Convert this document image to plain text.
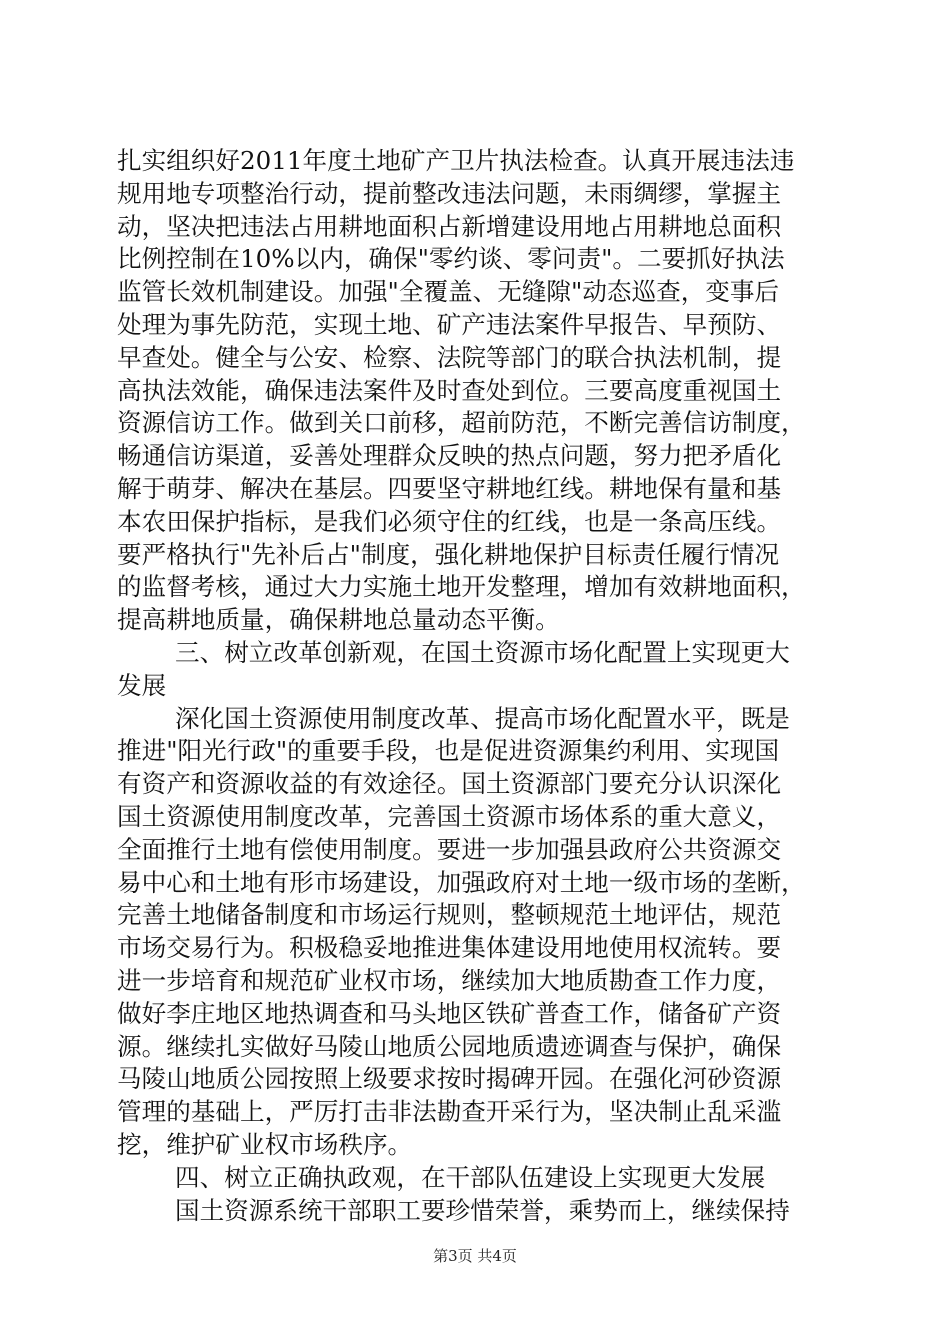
扎实组织好2011年度土地矿产卫片执法检查。认真开展违法违
规用地专项整治行动，提前整改违法问题，未雨绸缪，掌握主
动，坚决把违法占用耕地面积占新增建设用地占用耕地总面积
比例控制在10%以内，确保"零约谈、零问责"。二要抓好执法
监管长效机制建设。加强"全覆盖、无缝隙"动态巡查，变事后
处理为事先防范，实现土地、矿产违法案件早报告、早预防、
早查处。健全与公安、检察、法院等部门的联合执法机制，提
高执法效能，确保违法案件及时查处到位。三要高度重视国土
资源信访工作。做到关口前移，超前防范，不断完善信访制度，
畅通信访渠道，妥善处理群众反映的热点问题，努力把矛盾化
解于萌芽、解决在基层。四要坚守耕地红线。耕地保有量和基
本农田保护指标，是我们必须守住的红线，也是一条高压线。
要严格执行"先补后占"制度，强化耕地保护目标责任履行情况
的监督考核，通过大力实施土地开发整理，增加有效耕地面积，
提高耕地质量，确保耕地总量动态平衡。
三、树立改革创新观，在国土资源市场化配置上实现更大
发展
深化国土资源使用制度改革、提高市场化配置水平，既是
推进"阳光行政"的重要手段，也是促进资源集约利用、实现国
有资产和资源收益的有效途径。国土资源部门要充分认识深化
国土资源使用制度改革，完善国土资源市场体系的重大意义，
全面推行土地有偿使用制度。要进一步加强县政府公共资源交
易中心和土地有形市场建设，加强政府对土地一级市场的垄断，
完善土地储备制度和市场运行规则，整顿规范土地评估，规范
市场交易行为。积极稳妥地推进集体建设用地使用权流转。要
进一步培育和规范矿业权市场，继续加大地质勘查工作力度，
做好李庄地区地热调查和马头地区铁矿普查工作，储备矿产资
源。继续扎实做好马陵山地质公园地质遗迹调查与保护，确保
马陵山地质公园按照上级要求按时揭碑开园。在强化河砂资源
管理的基础上，严厉打击非法勘查开采行为，坚决制止乱采滥
挖，维护矿业权市场秩序。
四、树立正确执政观，在干部队伍建设上实现更大发展
国土资源系统干部职工要珍惜荣誉，乘势而上，继续保持
第3页 共4页
